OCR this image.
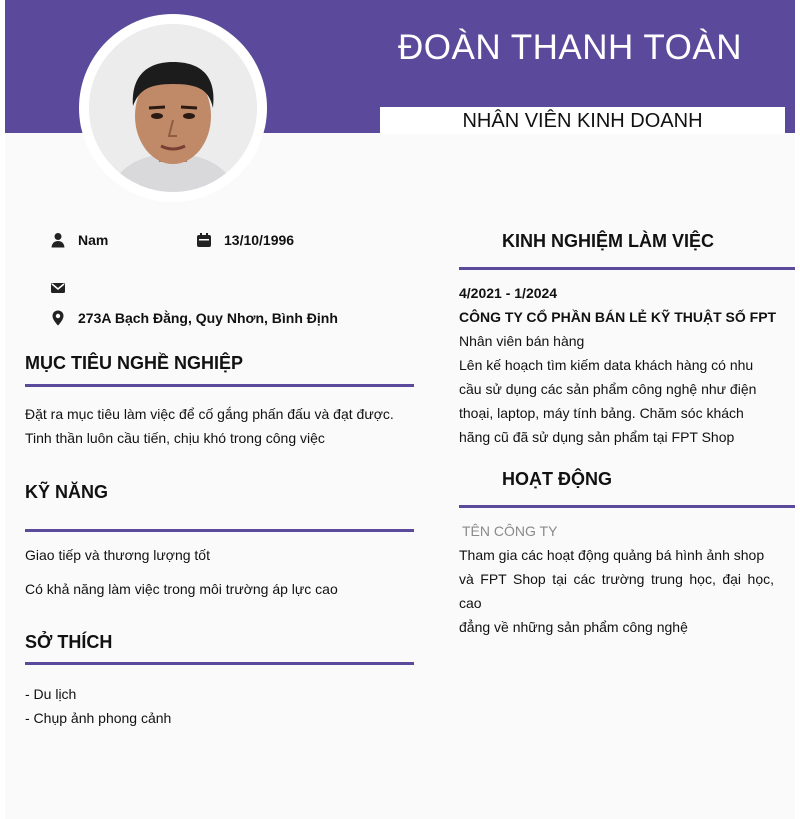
ĐOÀN THANH TOÀN
NHÂN VIÊN KINH DOANH
Nam	13/10/1996
273A Bạch Đằng, Quy Nhơn, Bình Định
MỤC TIÊU NGHỀ NGHIỆP
Đặt ra mục tiêu làm việc để cố gắng phấn đấu và đạt được.
Tinh thần luôn cầu tiến, chịu khó trong công việc
KỸ NĂNG
Giao tiếp và thương lượng tốt
Có khả năng làm việc trong môi trường áp lực cao
SỞ THÍCH
- Du lịch
- Chụp ảnh phong cảnh
KINH NGHIỆM LÀM VIỆC
4/2021 - 1/2024
CÔNG TY CỔ PHẦN BÁN LẺ KỸ THUẬT SỐ FPT
Nhân viên bán hàng
Lên kế hoạch tìm kiếm data khách hàng có nhu
cầu sử dụng các sản phẩm công nghệ như điện
thoại, laptop, máy tính bảng. Chăm sóc khách
hãng cũ đã sử dụng sản phẩm tại FPT Shop
HOẠT ĐỘNG
TÊN CÔNG TY
Tham gia các hoạt động quảng bá hình ảnh shop
và FPT Shop tại các trường trung học, đại học, cao
đẳng về những sản phẩm công nghệ
